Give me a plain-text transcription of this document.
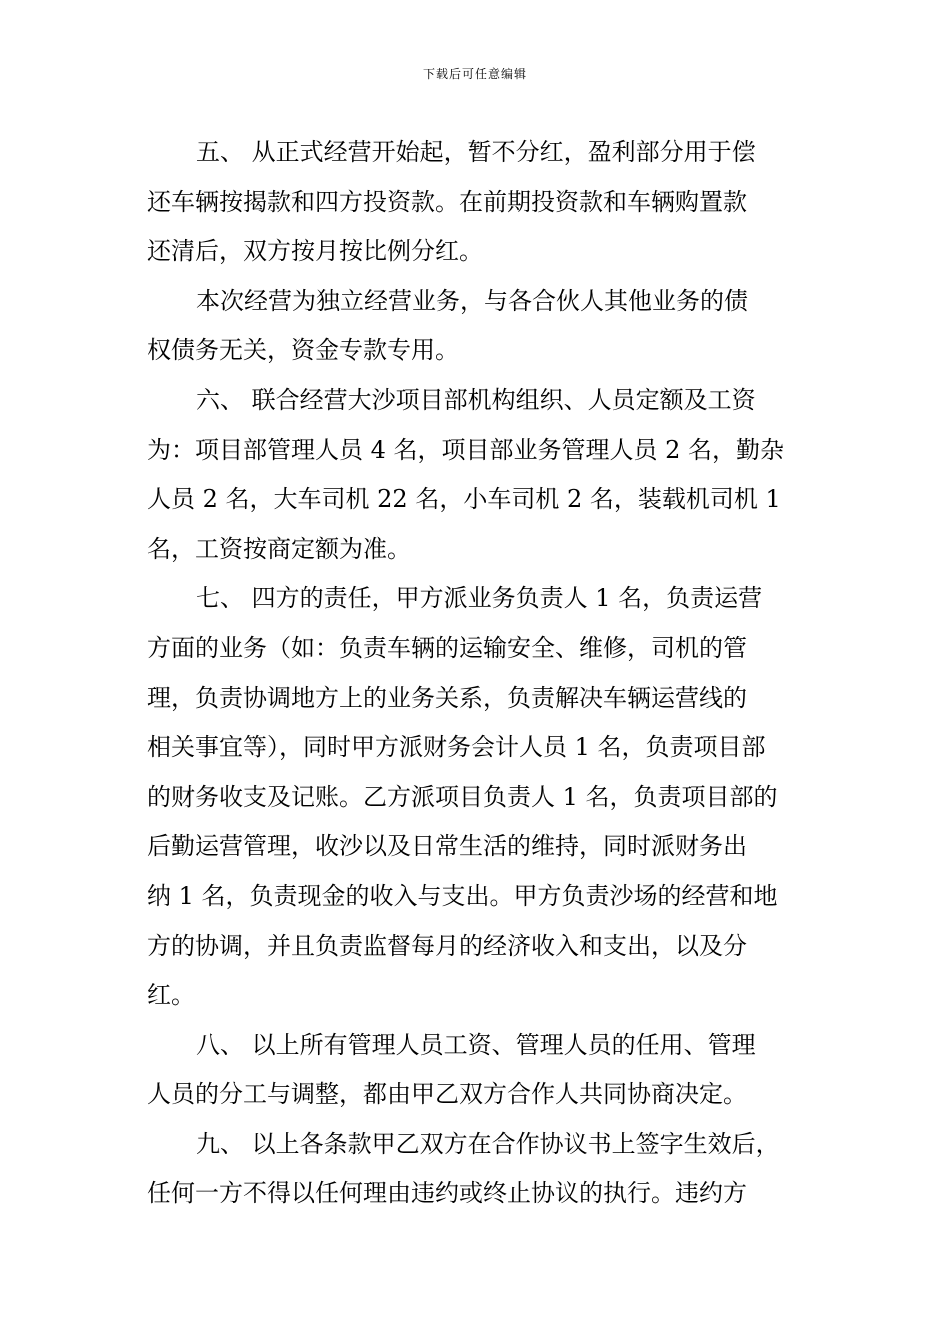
下载后可任意编辑

五、 从正式经营开始起，暂不分红，盈利部分用于偿
还车辆按揭款和四方投资款。在前期投资款和车辆购置款
还清后，双方按月按比例分红。

本次经营为独立经营业务，与各合伙人其他业务的债
权债务无关，资金专款专用。

六、 联合经营大沙项目部机构组织、人员定额及工资
为：项目部管理人员 4 名，项目部业务管理人员 2 名，勤杂
人员 2 名，大车司机 22 名，小车司机 2 名，装载机司机 1
名，工资按商定额为准。

七、 四方的责任，甲方派业务负责人 1 名，负责运营
方面的业务（如：负责车辆的运输安全、维修，司机的管
理，负责协调地方上的业务关系，负责解决车辆运营线的
相关事宜等），同时甲方派财务会计人员 1 名，负责项目部
的财务收支及记账。乙方派项目负责人 1 名，负责项目部的
后勤运营管理，收沙以及日常生活的维持，同时派财务出
纳 1 名，负责现金的收入与支出。甲方负责沙场的经营和地
方的协调，并且负责监督每月的经济收入和支出，以及分
红。

八、 以上所有管理人员工资、管理人员的任用、管理
人员的分工与调整，都由甲乙双方合作人共同协商决定。

九、 以上各条款甲乙双方在合作协议书上签字生效后，
任何一方不得以任何理由违约或终止协议的执行。违约方
